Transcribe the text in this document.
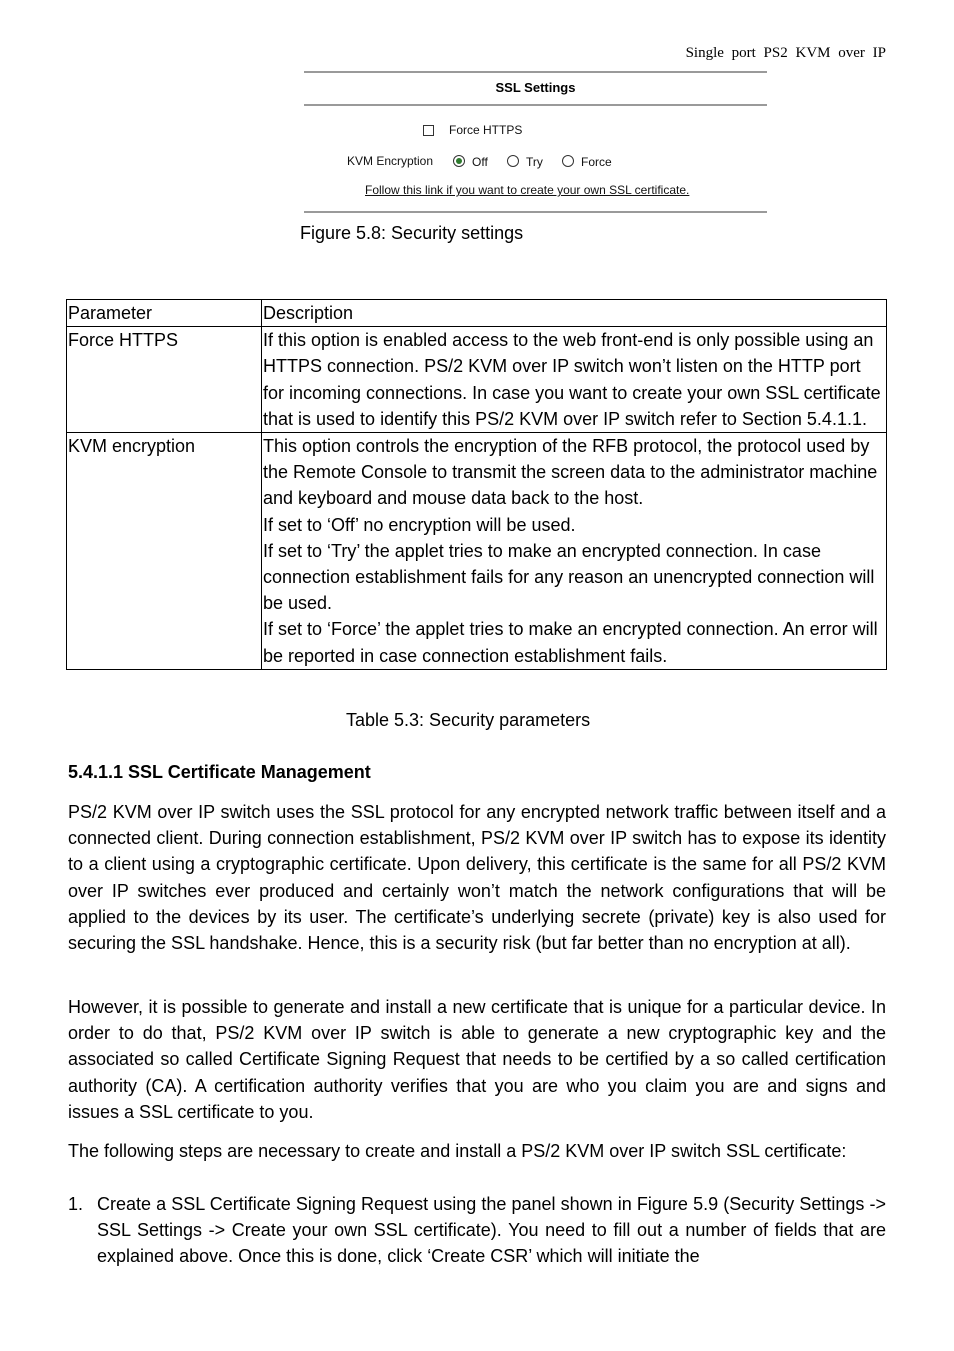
Single port PS2 KVM over IP
SSL Settings
Force HTTPS
KVM Encryption	Off	Try	Force
Follow this link if you want to create your own SSL certificate.
Figure 5.8: Security settings
Parameter	Description
Force HTTPS	If this option is enabled access to the web front-end is only possible using an HTTPS connection. PS/2 KVM over IP switch won’t listen on the HTTP port for incoming connections. In case you want to create your own SSL certificate that is used to identify this PS/2 KVM over IP switch refer to Section 5.4.1.1.

KVM encryption	This option controls the encryption of the RFB protocol, the protocol used by the Remote Console to transmit the screen data to the administrator machine and keyboard and mouse data back to the host.
If set to ‘Off’ no encryption will be used.
If set to ‘Try’ the applet tries to make an encrypted connection. In case connection establishment fails for any reason an unencrypted connection will be used.
If set to ‘Force’ the applet tries to make an encrypted connection. An error will be reported in case connection establishment fails.
Table 5.3: Security parameters
5.4.1.1 SSL Certificate Management
PS/2 KVM over IP switch uses the SSL protocol for any encrypted network traffic between itself and a connected client. During connection establishment, PS/2 KVM over IP switch has to expose its identity to a client using a cryptographic certificate. Upon delivery, this certificate is the same for all PS/2 KVM over IP switches ever produced and certainly won’t match the network configurations that will be applied to the devices by its user. The certificate’s underlying secrete (private) key is also used for securing the SSL handshake. Hence, this is a security risk (but far better than no encryption at all).
However, it is possible to generate and install a new certificate that is unique for a particular device. In order to do that, PS/2 KVM over IP switch is able to generate a new cryptographic key and the associated so called Certificate Signing Request that needs to be certified by a so called certification authority (CA). A certification authority verifies that you are who you claim you are and signs and issues a SSL certificate to you.
The following steps are necessary to create and install a PS/2 KVM over IP switch SSL certificate:
1. Create a SSL Certificate Signing Request using the panel shown in Figure 5.9 (Security Settings -> SSL Settings -> Create your own SSL certificate). You need to fill out a number of fields that are explained above. Once this is done, click ‘Create CSR’ which will initiate the
